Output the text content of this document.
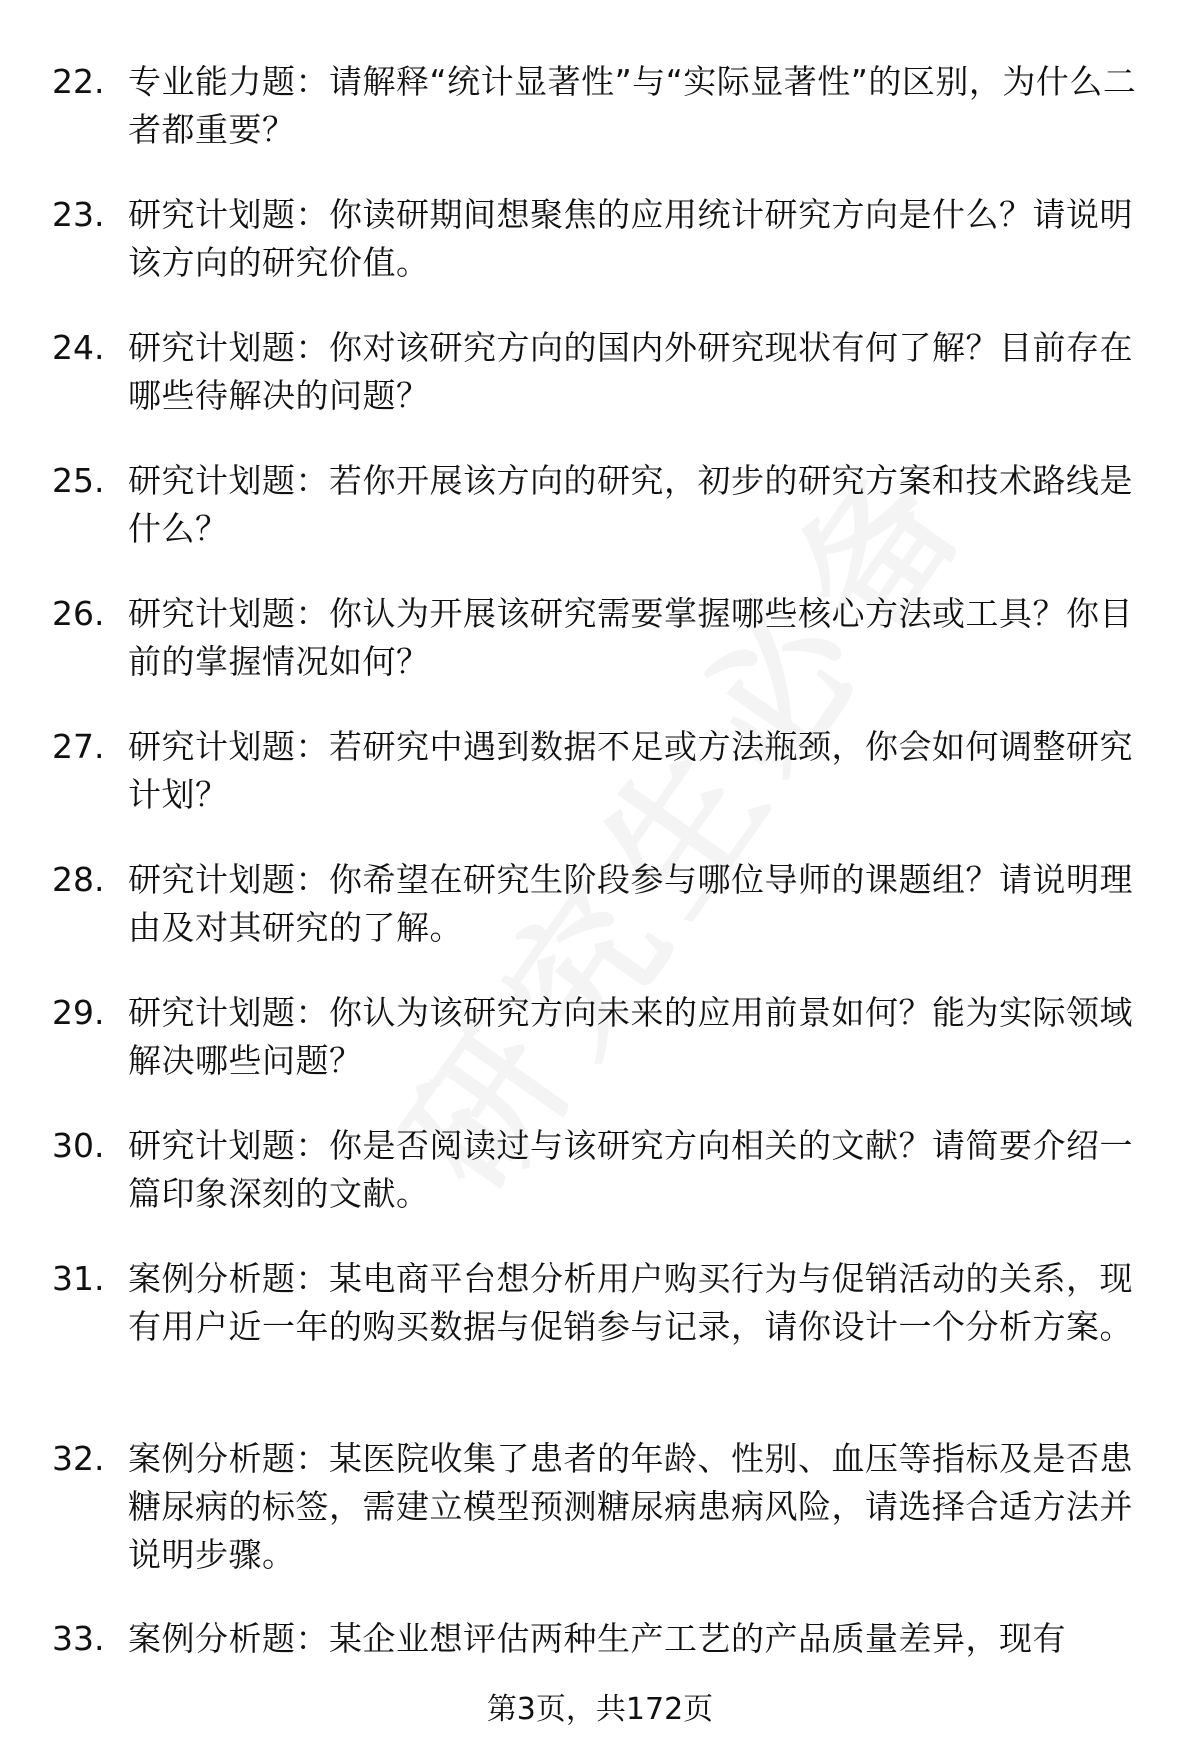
22. 专业能力题：请解释“统计显著性”与“实际显著性”的区别，为什么二者都重要？
23. 研究计划题：你读研期间想聚焦的应用统计研究方向是什么？请说明该方向的研究价值。
24. 研究计划题：你对该研究方向的国内外研究现状有何了解？目前存在哪些待解决的问题？
25. 研究计划题：若你开展该方向的研究，初步的研究方案和技术路线是什么？
26. 研究计划题：你认为开展该研究需要掌握哪些核心方法或工具？你目前的掌握情况如何？
27. 研究计划题：若研究中遇到数据不足或方法瓶颈，你会如何调整研究计划？
28. 研究计划题：你希望在研究生阶段参与哪位导师的课题组？请说明理由及对其研究的了解。
29. 研究计划题：你认为该研究方向未来的应用前景如何？能为实际领域解决哪些问题？
30. 研究计划题：你是否阅读过与该研究方向相关的文献？请简要介绍一篇印象深刻的文献。
31. 案例分析题：某电商平台想分析用户购买行为与促销活动的关系，现有用户近一年的购买数据与促销参与记录，请你设计一个分析方案。
32. 案例分析题：某医院收集了患者的年龄、性别、血压等指标及是否患糖尿病的标签，需建立模型预测糖尿病患病风险，请选择合适方法并说明步骤。
33. 案例分析题：某企业想评估两种生产工艺的产品质量差异，现有
第3页，共172页
